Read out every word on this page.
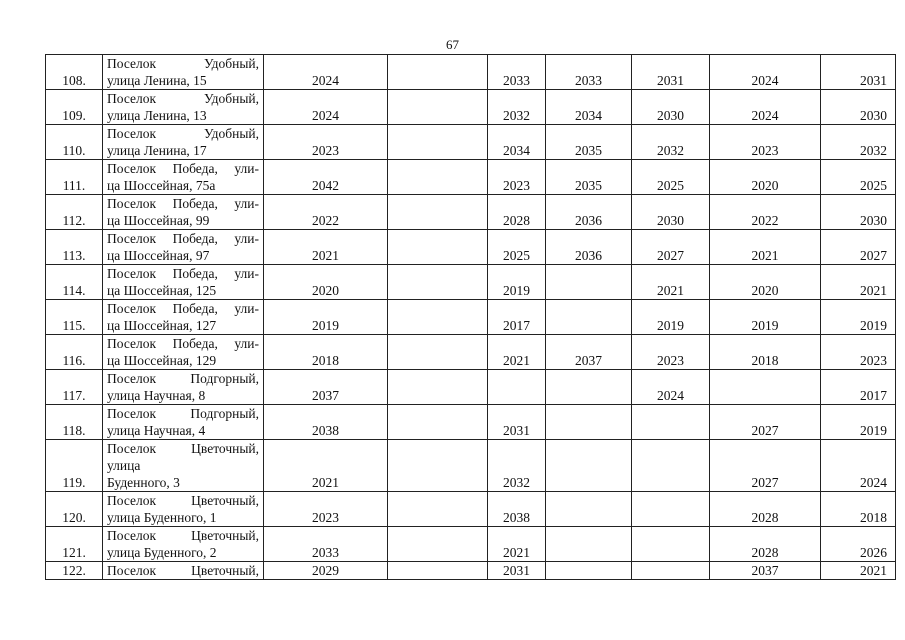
67
108.	Поселок Удобный,
улица Ленина, 15	2024		2033	2033	2031	2024	2031
109.	Поселок Удобный,
улица Ленина, 13	2024		2032	2034	2030	2024	2030
110.	Поселок Удобный,
улица Ленина, 17	2023		2034	2035	2032	2023	2032
111.	Поселок Победа, ули-
ца Шоссейная, 75а	2042		2023	2035	2025	2020	2025
112.	Поселок Победа, ули-
ца Шоссейная, 99	2022		2028	2036	2030	2022	2030
113.	Поселок Победа, ули-
ца Шоссейная, 97	2021		2025	2036	2027	2021	2027
114.	Поселок Победа, ули-
ца Шоссейная, 125	2020		2019		2021	2020	2021
115.	Поселок Победа, ули-
ца Шоссейная, 127	2019		2017		2019	2019	2019
116.	Поселок Победа, ули-
ца Шоссейная, 129	2018		2021	2037	2023	2018	2023
117.	Поселок Подгорный,
улица Научная, 8	2037				2024		2017
118.	Поселок Подгорный,
улица Научная, 4	2038		2031			2027	2019
119.	Поселок Цветочный,
улица
Буденного, 3	2021		2032			2027	2024
120.	Поселок Цветочный,
улица Буденного, 1	2023		2038			2028	2018
121.	Поселок Цветочный,
улица Буденного, 2	2033		2021			2028	2026
122.	Поселок Цветочный,	2029		2031			2037	2021
